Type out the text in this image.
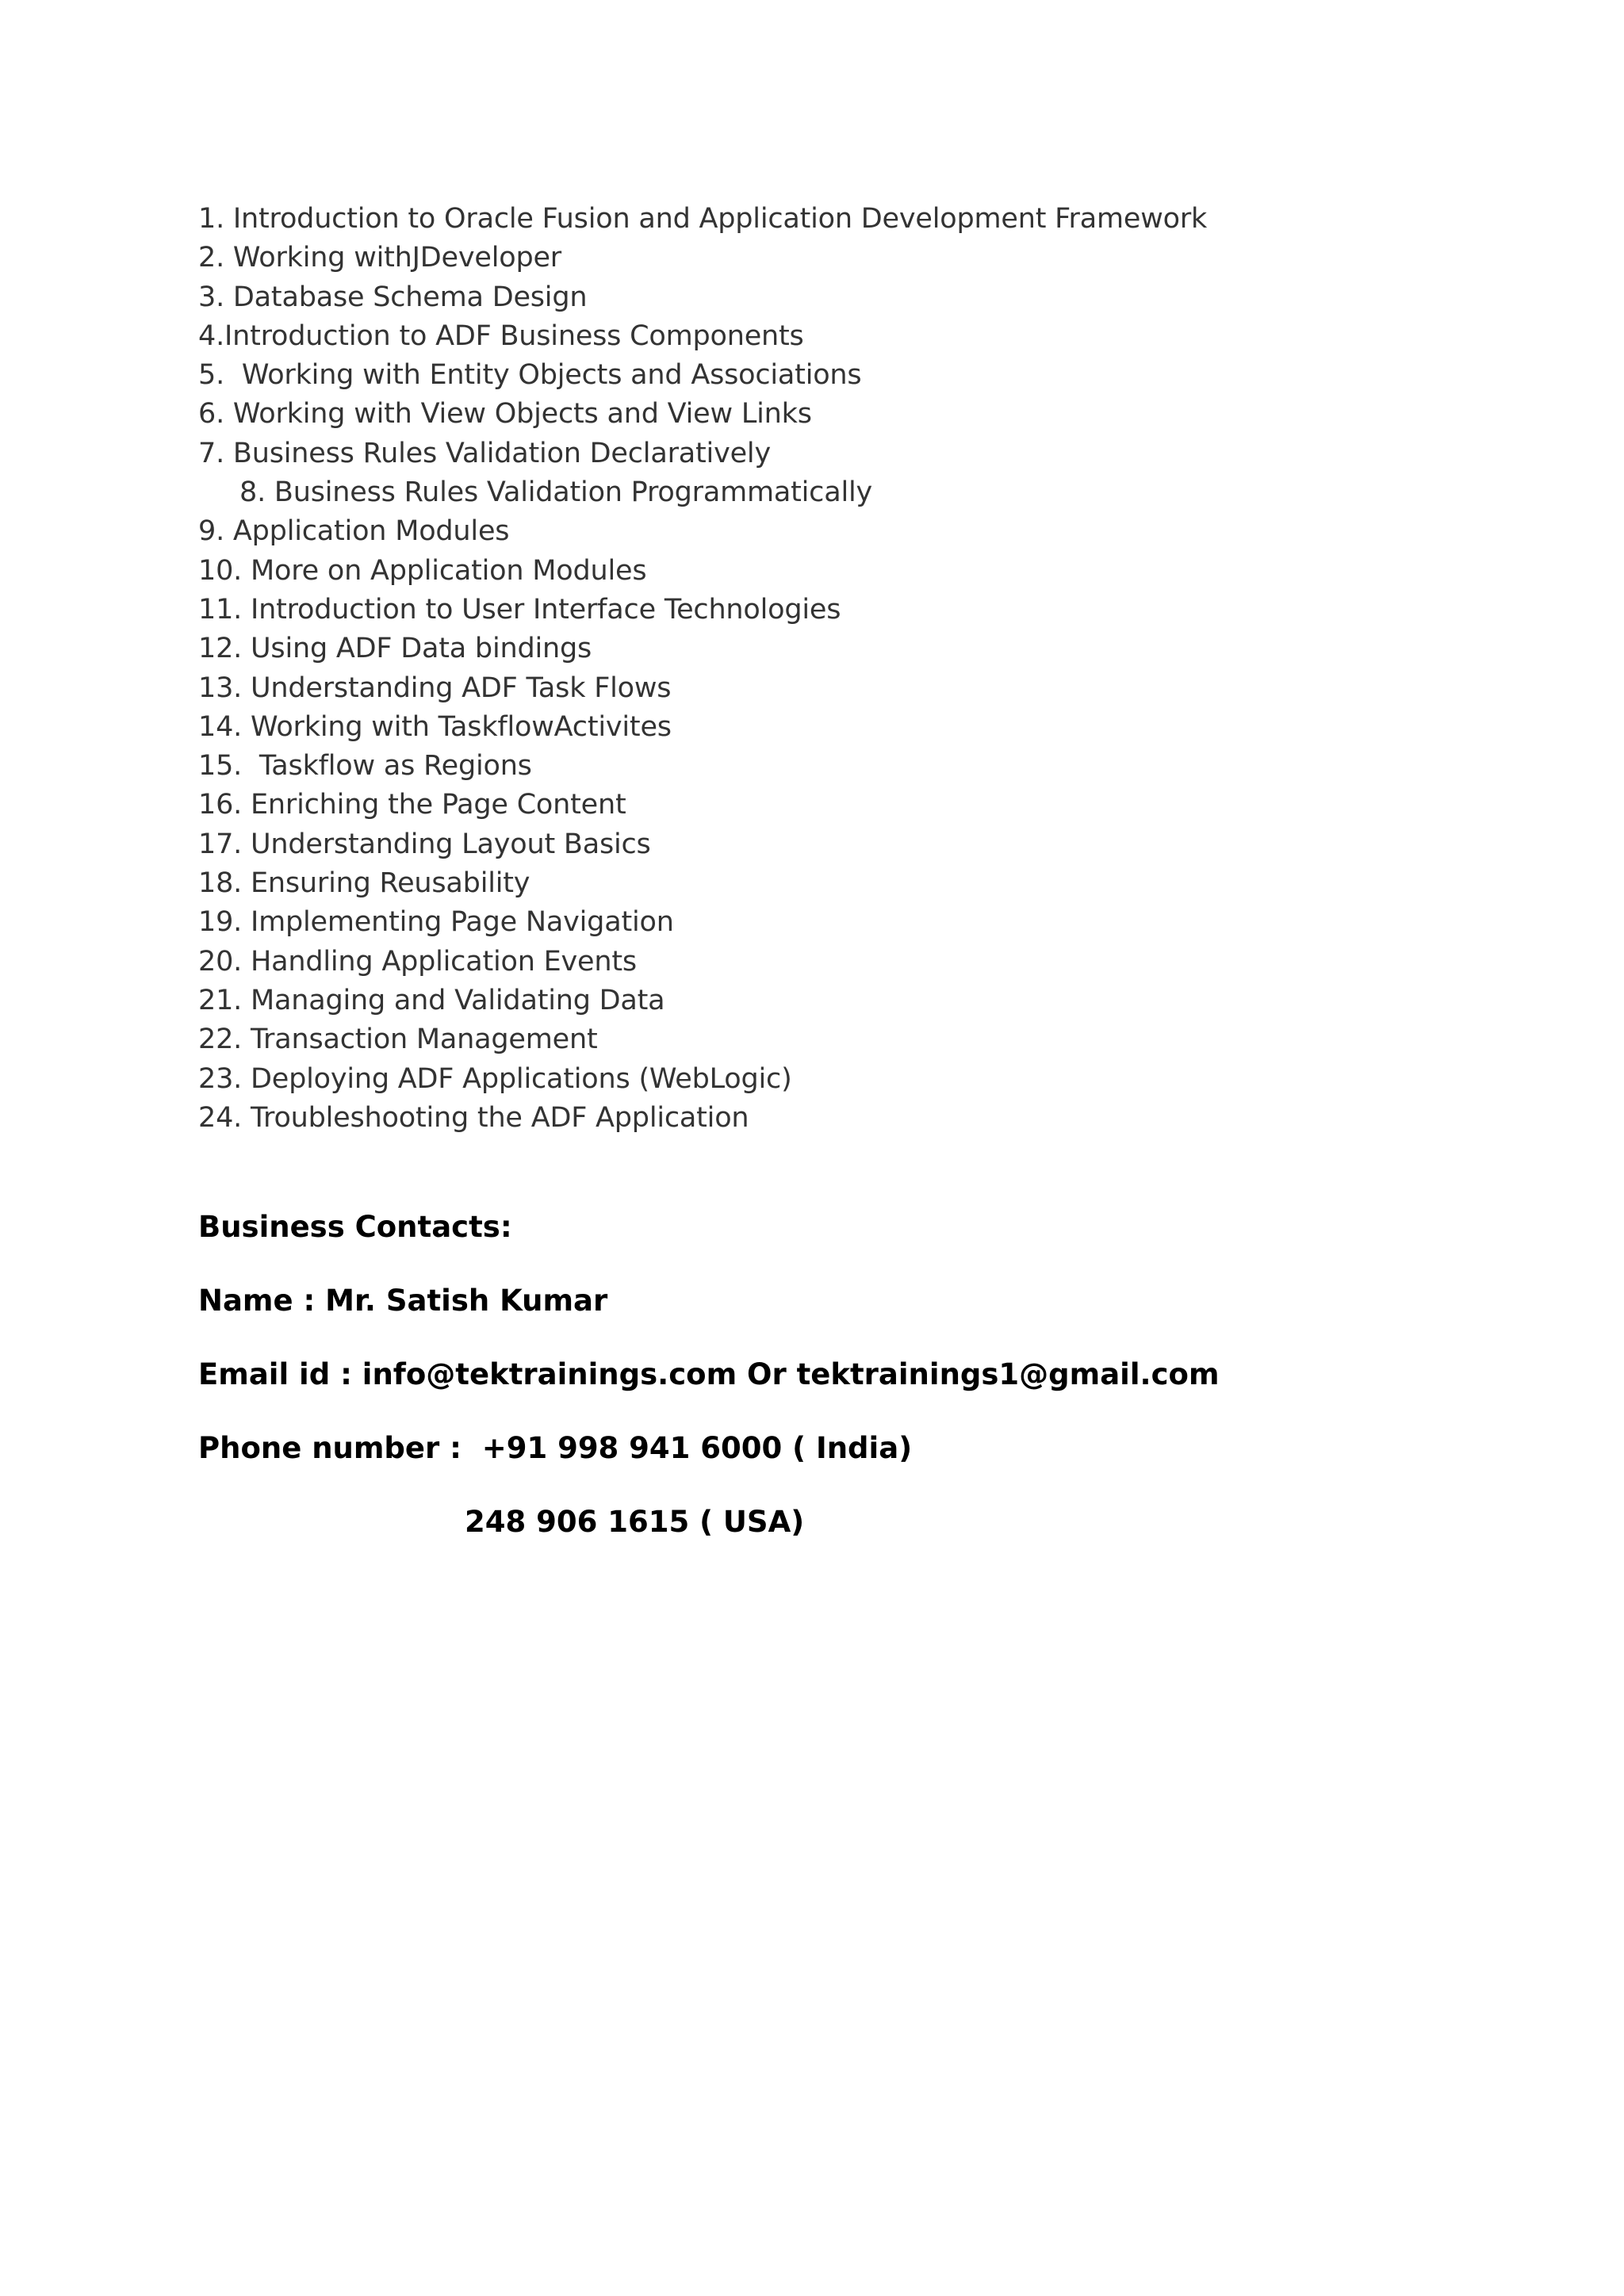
1. Introduction to Oracle Fusion and Application Development Framework
2. Working withJDeveloper
3. Database Schema Design
4.Introduction to ADF Business Components
5.  Working with Entity Objects and Associations
6. Working with View Objects and View Links
7. Business Rules Validation Declaratively
8. Business Rules Validation Programmatically
9. Application Modules
10. More on Application Modules
11. Introduction to User Interface Technologies
12. Using ADF Data bindings
13. Understanding ADF Task Flows
14. Working with TaskflowActivites
15.  Taskflow as Regions
16. Enriching the Page Content
17. Understanding Layout Basics
18. Ensuring Reusability
19. Implementing Page Navigation
20. Handling Application Events
21. Managing and Validating Data
22. Transaction Management
23. Deploying ADF Applications (WebLogic)
24. Troubleshooting the ADF Application
Business Contacts:
Name : Mr. Satish Kumar
Email id : info@tektrainings.com Or tektrainings1@gmail.com
Phone number :  +91 998 941 6000 ( India)
248 906 1615 ( USA)
